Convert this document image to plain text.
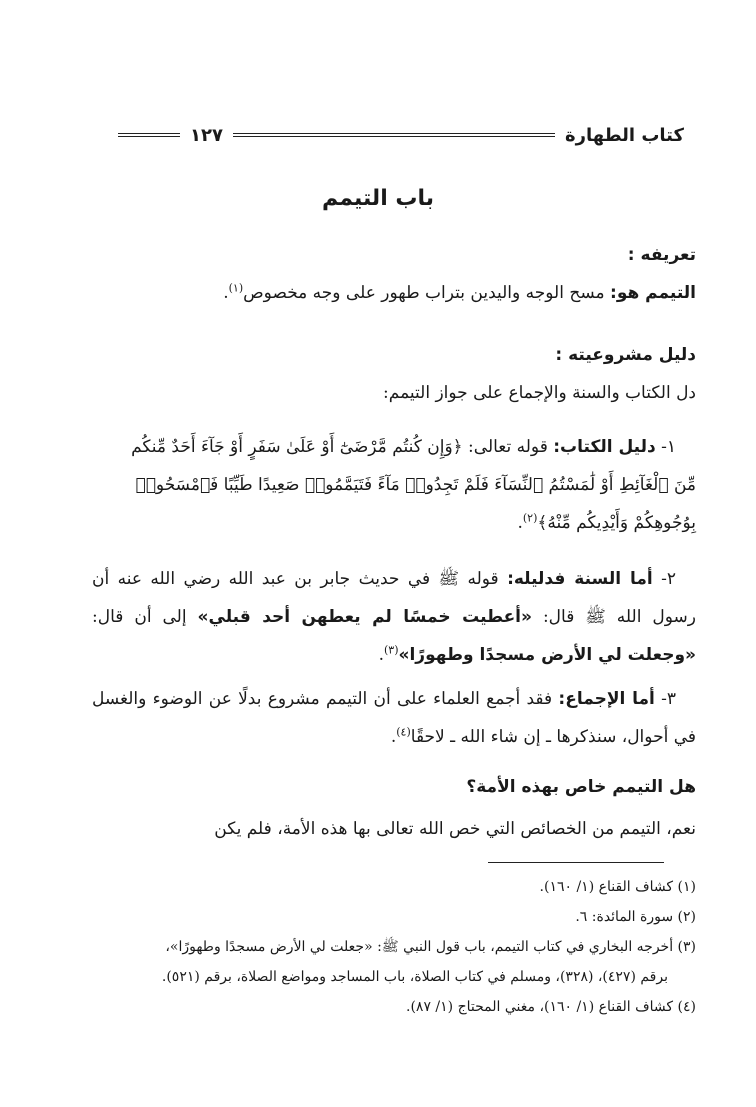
كتاب الطهارة
١٢٧
باب التيمم
تعريفه :
التيمم هو: مسح الوجه واليدين بتراب طهور على وجه مخصوص$^{(١)}$.
دليل مشروعيته :
دل الكتاب والسنة والإجماع على جواز التيمم:
١- دليل الكتاب: قوله تعالى: ﴿وَإِن كُنتُم مَّرْضَىٰٓ أَوْ عَلَىٰ سَفَرٍ أَوْ جَآءَ أَحَدٌ مِّنكُم
مِّنَ ٱلْغَآئِطِ أَوْ لَٰمَسْتُمُ ٱلنِّسَآءَ فَلَمْ تَجِدُوا۟ مَآءً فَتَيَمَّمُوا۟ صَعِيدًا طَيِّبًا فَٱمْسَحُوا۟
بِوُجُوهِكُمْ وَأَيْدِيكُم مِّنْهُ﴾$^{(٢)}$.
٢- أما السنة فدليله: قوله ﷺ في حديث جابر بن عبد الله رضي الله عنه أن رسول الله ﷺ قال: «أعطيت خمسًا لم يعطهن أحد قبلي» إلى أن قال: «وجعلت لي الأرض مسجدًا وطهورًا»$^{(٣)}$.
٣- أما الإجماع: فقد أجمع العلماء على أن التيمم مشروع بدلًا عن الوضوء والغسل في أحوال، سنذكرها ـ إن شاء الله ـ لاحقًا$^{(٤)}$.
هل التيمم خاص بهذه الأمة؟
نعم، التيمم من الخصائص التي خص الله تعالى بها هذه الأمة، فلم يكن
(١) كشاف القناع (١/ ١٦٠).
(٢) سورة المائدة: ٦.
(٣) أخرجه البخاري في كتاب التيمم، باب قول النبي ﷺ: «جعلت لي الأرض مسجدًا وطهورًا»،
برقم (٤٢٧)، (٣٢٨)، ومسلم في كتاب الصلاة، باب المساجد ومواضع الصلاة، برقم (٥٢١).
(٤) كشاف القناع (١/ ١٦٠)، مغني المحتاج (١/ ٨٧).
